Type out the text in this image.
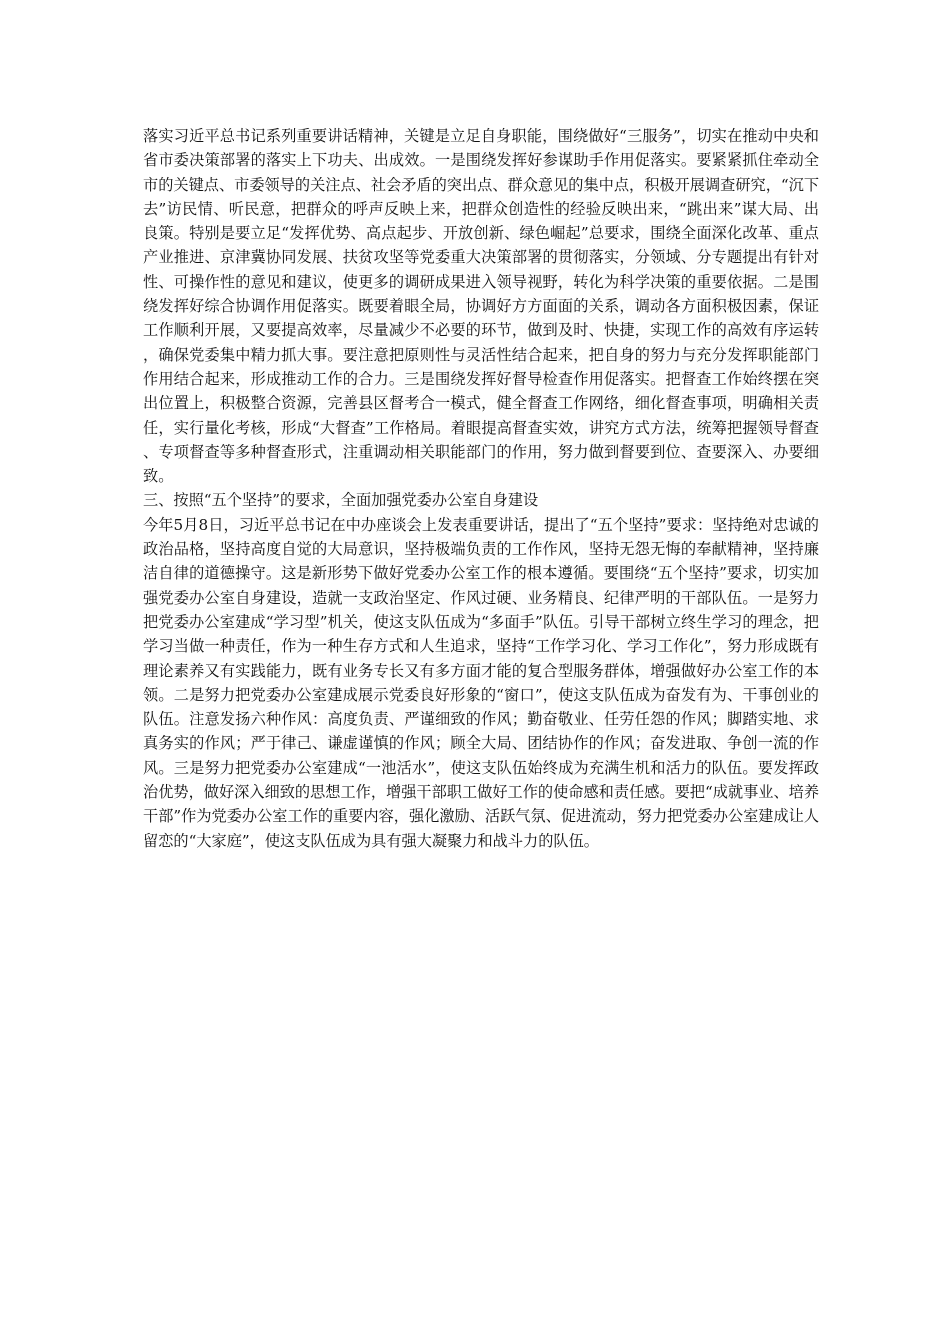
落实习近平总书记系列重要讲话精神，关键是立足自身职能，围绕做好“三服务”，切实在推动中央和省市委决策部署的落实上下功夫、出成效。一是围绕发挥好参谋助手作用促落实。要紧紧抓住牵动全市的关键点、市委领导的关注点、社会矛盾的突出点、群众意见的集中点，积极开展调查研究，“沉下去”访民情、听民意，把群众的呼声反映上来，把群众创造性的经验反映出来，“跳出来”谋大局、出良策。特别是要立足“发挥优势、高点起步、开放创新、绿色崛起”总要求，围绕全面深化改革、重点产业推进、京津冀协同发展、扶贫攻坚等党委重大决策部署的贯彻落实，分领域、分专题提出有针对性、可操作性的意见和建议，使更多的调研成果进入领导视野，转化为科学决策的重要依据。二是围绕发挥好综合协调作用促落实。既要着眼全局，协调好方方面面的关系，调动各方面积极因素，保证工作顺利开展，又要提高效率，尽量减少不必要的环节，做到及时、快捷，实现工作的高效有序运转，确保党委集中精力抓大事。要注意把原则性与灵活性结合起来，把自身的努力与充分发挥职能部门作用结合起来，形成推动工作的合力。三是围绕发挥好督导检查作用促落实。把督查工作始终摆在突出位置上，积极整合资源，完善县区督考合一模式，健全督查工作网络，细化督查事项，明确相关责任，实行量化考核，形成“大督查”工作格局。着眼提高督查实效，讲究方式方法，统筹把握领导督查、专项督查等多种督查形式，注重调动相关职能部门的作用，努力做到督要到位、查要深入、办要细致。

三、按照“五个坚持”的要求，全面加强党委办公室自身建设

今年5月8日，习近平总书记在中办座谈会上发表重要讲话，提出了“五个坚持”要求：坚持绝对忠诚的政治品格，坚持高度自觉的大局意识，坚持极端负责的工作作风，坚持无怨无悔的奉献精神，坚持廉洁自律的道德操守。这是新形势下做好党委办公室工作的根本遵循。要围绕“五个坚持”要求，切实加强党委办公室自身建设，造就一支政治坚定、作风过硬、业务精良、纪律严明的干部队伍。一是努力把党委办公室建成“学习型”机关，使这支队伍成为“多面手”队伍。引导干部树立终生学习的理念，把学习当做一种责任，作为一种生存方式和人生追求，坚持“工作学习化、学习工作化”，努力形成既有理论素养又有实践能力，既有业务专长又有多方面才能的复合型服务群体，增强做好办公室工作的本领。二是努力把党委办公室建成展示党委良好形象的“窗口”，使这支队伍成为奋发有为、干事创业的队伍。注意发扬六种作风：高度负责、严谨细致的作风；勤奋敬业、任劳任怨的作风；脚踏实地、求真务实的作风；严于律己、谦虚谨慎的作风；顾全大局、团结协作的作风；奋发进取、争创一流的作风。三是努力把党委办公室建成“一池活水”，使这支队伍始终成为充满生机和活力的队伍。要发挥政治优势，做好深入细致的思想工作，增强干部职工做好工作的使命感和责任感。要把“成就事业、培养干部”作为党委办公室工作的重要内容，强化激励、活跃气氛、促进流动，努力把党委办公室建成让人留恋的“大家庭”，使这支队伍成为具有强大凝聚力和战斗力的队伍。
